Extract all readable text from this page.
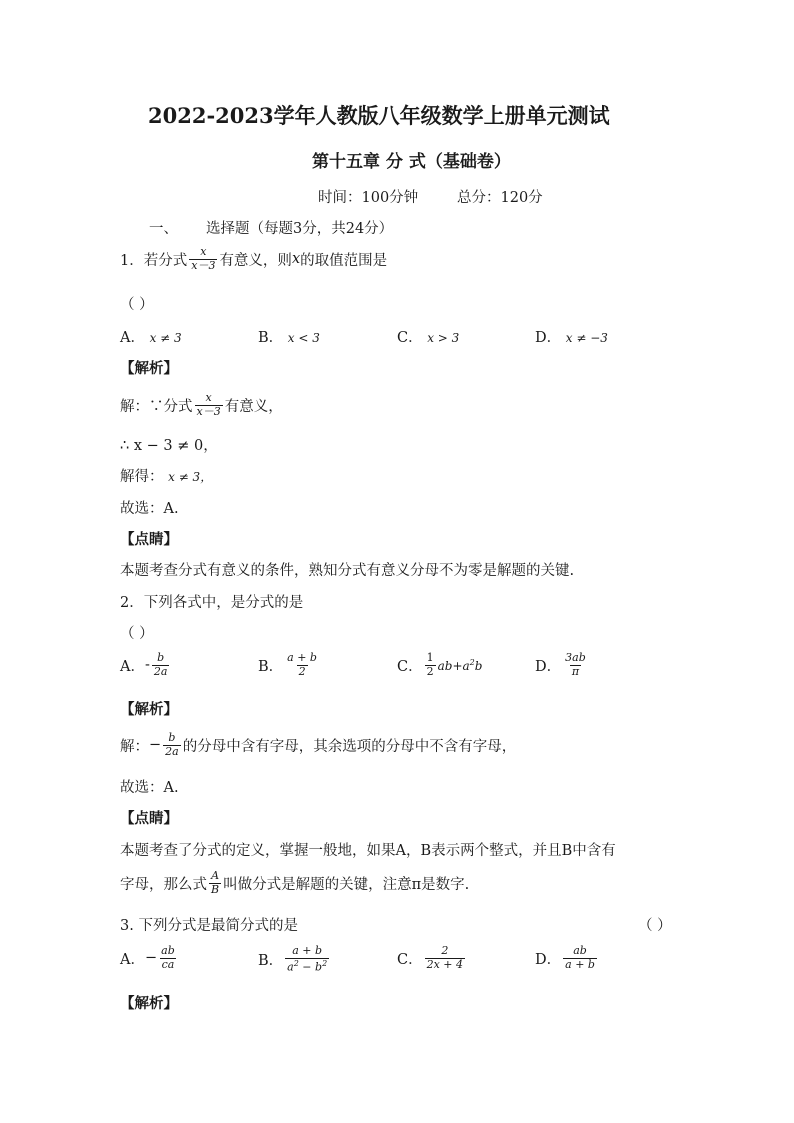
2022-2023学年人教版八年级数学上册单元测试
第十五章 分 式（基础卷）
时间：100分钟	总分：120分
一、 选择题（每题3分，共24分）
1．若分式 $\frac{x}{x-3}$ 有意义，则 x 的取值范围是
（ ）
A． x ≠ 3	B． x < 3	C． x > 3	D． x ≠ −3
【解析】
解：∵分式 $\frac{x}{x-3}$ 有意义，
∴ x − 3 ≠ 0，
解得： x ≠ 3，
故选：A.
【点睛】
本题考查分式有意义的条件，熟知分式有意义分母不为零是解题的关键.
2．下列各式中，是分式的是
（ ）
A． - $\frac{b}{2a}$	B． $\frac{a + b}{2}$	C． $\frac{1}{2} ab+a^2b$	D． $\frac{3ab}{\pi}$
【解析】
解： − $\frac{b}{2a}$ 的分母中含有字母，其余选项的分母中不含有字母，
故选：A.
【点睛】
本题考查了分式的定义，掌握一般地，如果A，B表示两个整式，并且B中含有
字母，那么式 $\frac{A}{B}$ 叫做分式是解题的关键，注意π是数字.
3. 下列分式是最简分式的是	（ ）
A． − $\frac{ab}{ca}$	B． $\frac{a + b}{a^2 - b^2}$	C． $\frac{2}{2x + 4}$	D． $\frac{ab}{a + b}$
【解析】
